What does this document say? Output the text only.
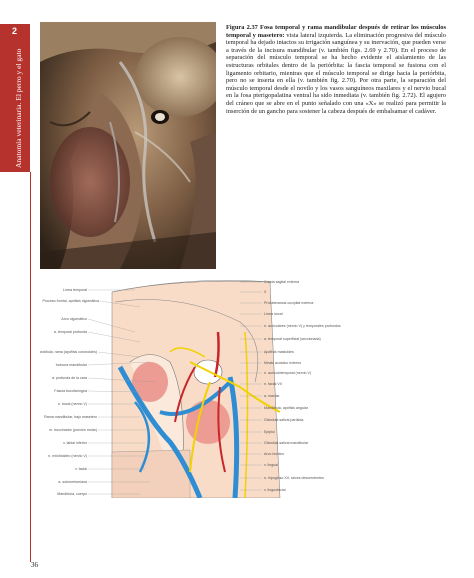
2
Anatomía veterinaria. El perro y el gato
36
Figura 2.37 Fosa temporal y rama mandibular después de retirar los músculos temporal y masetero: vista lateral izquierda. La eliminación progresiva del músculo temporal ha dejado intactos su irrigación sanguínea y su inervación, que pueden verse a través de la incisura mandibular (v. también figs. 2.69 y 2.70). En el proceso de separación del músculo temporal se ha hecho evidente el aislamiento de las estructuras orbitales dentro de la periórbita: la fascia temporal se fusiona con el ligamento orbitario, mientras que el músculo temporal se dirige hacia la periórbita, pero no se inserta en ella (v. también fig. 2.70). Por otra parte, la separación del músculo temporal desde el novilo y los vasos sanguíneos maxilares y el nervio bucal en la fosa pterigopalatina ventral ha sido inmediata (v. también fig. 2.72). El agujero del cráneo que se abre en el punto señalado con una «X» se realizó para permitir la inserción de un gancho para sostener la cabeza después de embalsamar el cadáver.
Línea temporal
Proceso frontal, apófisis cigomática
Arco cigomático
a. temporal profunda
Mandíbula, rama (apófisis coronoides)
Incisura mandibular
a. profunda de la cara
Fascia bucofaríngea
n. bucal (nervio V)
Rama mandibular, bajo masetero
m. buccinador (porción molar)
v. labial inferior
n. milohioideo (nervio V)
v. facial
a. submentoniana
Mandíbula, cuerpo
Cresta sagital externa
X
Protuberancia occipital externa
Línea nucal
n. auriculares (nervio V) y temporales profundos
a. temporal superficial (seccionada)
Apófisis mastoides
Meato acústico externo
n. auriculotemporal (nervio V)
n. facial VII
a. maxilar
Mandíbula, apófisis angular
Glándula salival parótida
Epiploi
Glándula salival mandibular
Arco hioideo
v. lingual
n. hipogloso XII, raíces descendentes
v. linguofacial
